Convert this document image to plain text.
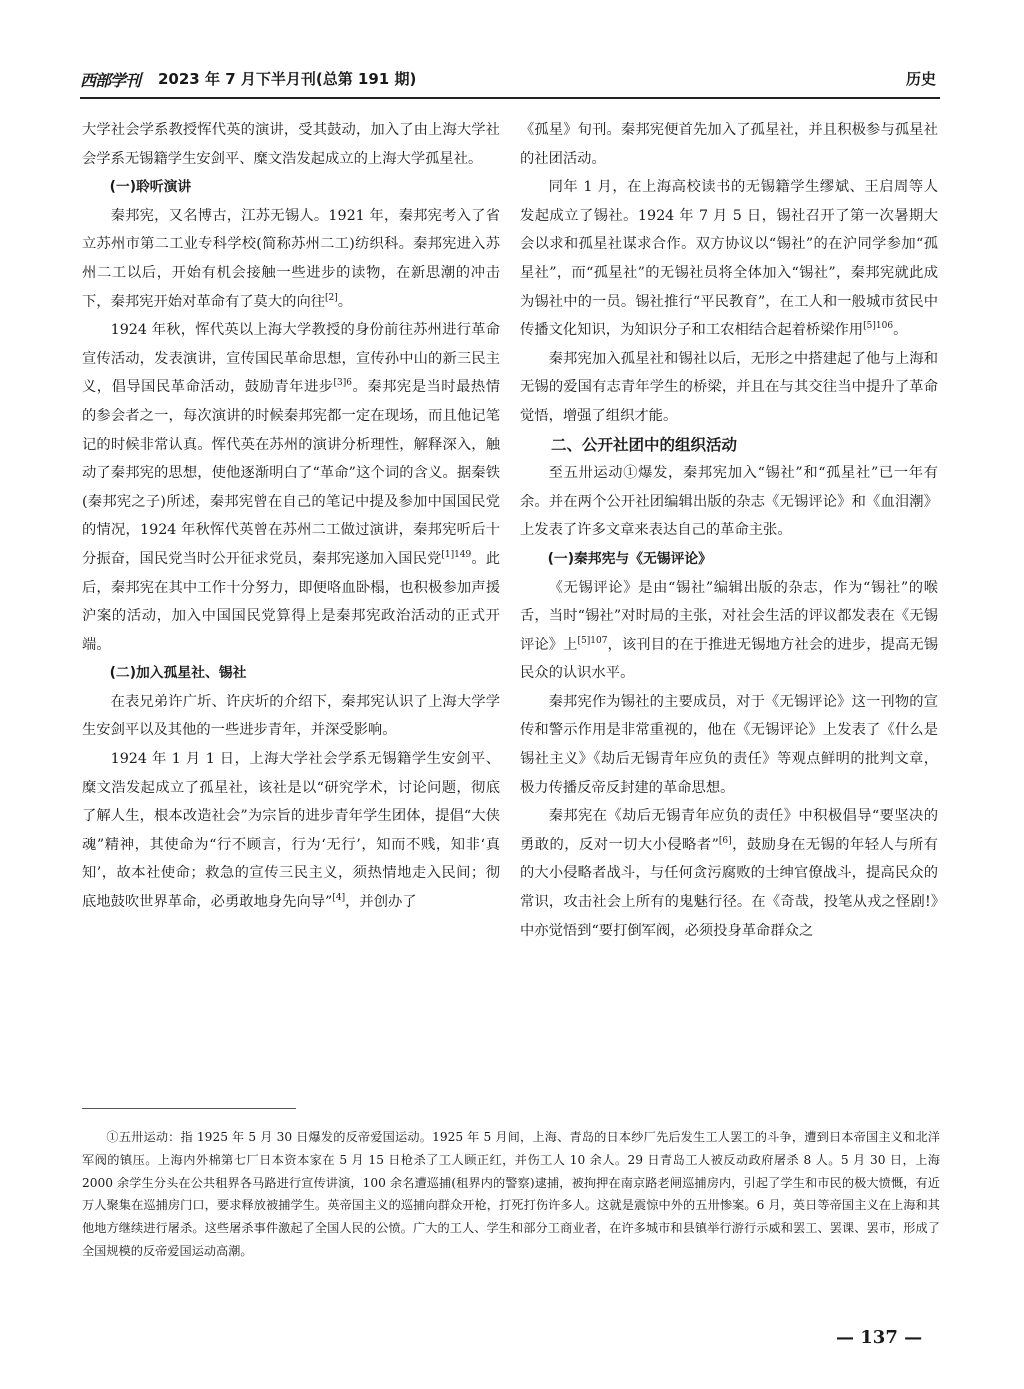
西部学刊 2023 年 7 月下半月刊(总第 191 期)	历史

大学社会学系教授恽代英的演讲，受其鼓动，加入了由上海大学社会学系无锡籍学生安剑平、糜文浩发起成立的上海大学孤星社。

(一)聆听演讲

秦邦宪，又名博古，江苏无锡人。1921 年，秦邦宪考入了省立苏州市第二工业专科学校(简称苏州二工)纺织科。秦邦宪进入苏州二工以后，开始有机会接触一些进步的读物，在新思潮的冲击下，秦邦宪开始对革命有了莫大的向往[2]。

1924 年秋，恽代英以上海大学教授的身份前往苏州进行革命宣传活动，发表演讲，宣传国民革命思想，宣传孙中山的新三民主义，倡导国民革命活动，鼓励青年进步$^{[3]6}$。秦邦宪是当时最热情的参会者之一，每次演讲的时候秦邦宪都一定在现场，而且他记笔记的时候非常认真。恽代英在苏州的演讲分析理性，解释深入，触动了秦邦宪的思想，使他逐渐明白了“革命”这个词的含义。据秦铁(秦邦宪之子)所述，秦邦宪曾在自己的笔记中提及参加中国国民党的情况，1924 年秋恽代英曾在苏州二工做过演讲，秦邦宪听后十分振奋，国民党当时公开征求党员，秦邦宪遂加入国民党$^{[1]149}$。此后，秦邦宪在其中工作十分努力，即便咯血卧榻，也积极参加声援沪案的活动，加入中国国民党算得上是秦邦宪政治活动的正式开端。

(二)加入孤星社、锡社

在表兄弟许广圻、许庆圻的介绍下，秦邦宪认识了上海大学学生安剑平以及其他的一些进步青年，并深受影响。

1924 年 1 月 1 日，上海大学社会学系无锡籍学生安剑平、糜文浩发起成立了孤星社，该社是以“研究学术，讨论问题，彻底了解人生，根本改造社会”为宗旨的进步青年学生团体，提倡“大侠魂”精神，其使命为“行不顾言，行为‘无行’，知而不贱，知非‘真知’，故本社使命；救急的宣传三民主义，须热情地走入民间；彻底地鼓吹世界革命，必勇敢地身先向导”[4]，并创办了

《孤星》旬刊。秦邦宪便首先加入了孤星社，并且积极参与孤星社的社团活动。

同年 1 月，在上海高校读书的无锡籍学生缪斌、王启周等人发起成立了锡社。1924 年 7 月 5 日，锡社召开了第一次暑期大会以求和孤星社谋求合作。双方协议以“锡社”的在沪同学参加“孤星社”，而“孤星社”的无锡社员将全体加入“锡社”，秦邦宪就此成为锡社中的一员。锡社推行“平民教育”，在工人和一般城市贫民中传播文化知识，为知识分子和工农相结合起着桥梁作用$^{[5]106}$。

秦邦宪加入孤星社和锡社以后，无形之中搭建起了他与上海和无锡的爱国有志青年学生的桥梁，并且在与其交往当中提升了革命觉悟，增强了组织才能。

二、公开社团中的组织活动

至五卅运动①爆发，秦邦宪加入“锡社”和“孤星社”已一年有余。并在两个公开社团编辑出版的杂志《无锡评论》和《血泪潮》上发表了许多文章来表达自己的革命主张。

(一)秦邦宪与《无锡评论》

《无锡评论》是由“锡社”编辑出版的杂志，作为“锡社”的喉舌，当时“锡社”对时局的主张，对社会生活的评议都发表在《无锡评论》上$^{[5]107}$，该刊目的在于推进无锡地方社会的进步，提高无锡民众的认识水平。

秦邦宪作为锡社的主要成员，对于《无锡评论》这一刊物的宣传和警示作用是非常重视的，他在《无锡评论》上发表了《什么是锡社主义》《劫后无锡青年应负的责任》等观点鲜明的批判文章，极力传播反帝反封建的革命思想。

秦邦宪在《劫后无锡青年应负的责任》中积极倡导“要坚决的勇敢的，反对一切大小侵略者”[6]，鼓励身在无锡的年轻人与所有的大小侵略者战斗，与任何贪污腐败的士绅官僚战斗，提高民众的常识，攻击社会上所有的鬼魅行径。在《奇哉，投笔从戎之怪剧!》中亦觉悟到“要打倒军阀，必须投身革命群众之

①五卅运动：指 1925 年 5 月 30 日爆发的反帝爱国运动。1925 年 5 月间，上海、青岛的日本纱厂先后发生工人罢工的斗争，遭到日本帝国主义和北洋军阀的镇压。上海内外棉第七厂日本资本家在 5 月 15 日枪杀了工人顾正红，并伤工人 10 余人。29 日青岛工人被反动政府屠杀 8 人。5 月 30 日，上海 2000 余学生分头在公共租界各马路进行宣传讲演，100 余名遭巡捕(租界内的警察)逮捕，被拘押在南京路老闸巡捕房内，引起了学生和市民的极大愤慨，有近万人聚集在巡捕房门口，要求释放被捕学生。英帝国主义的巡捕向群众开枪，打死打伤许多人。这就是震惊中外的五卅惨案。6 月，英日等帝国主义在上海和其他地方继续进行屠杀。这些屠杀事件激起了全国人民的公愤。广大的工人、学生和部分工商业者，在许多城市和县镇举行游行示威和罢工、罢课、罢市，形成了全国规模的反帝爱国运动高潮。

— 137 —
